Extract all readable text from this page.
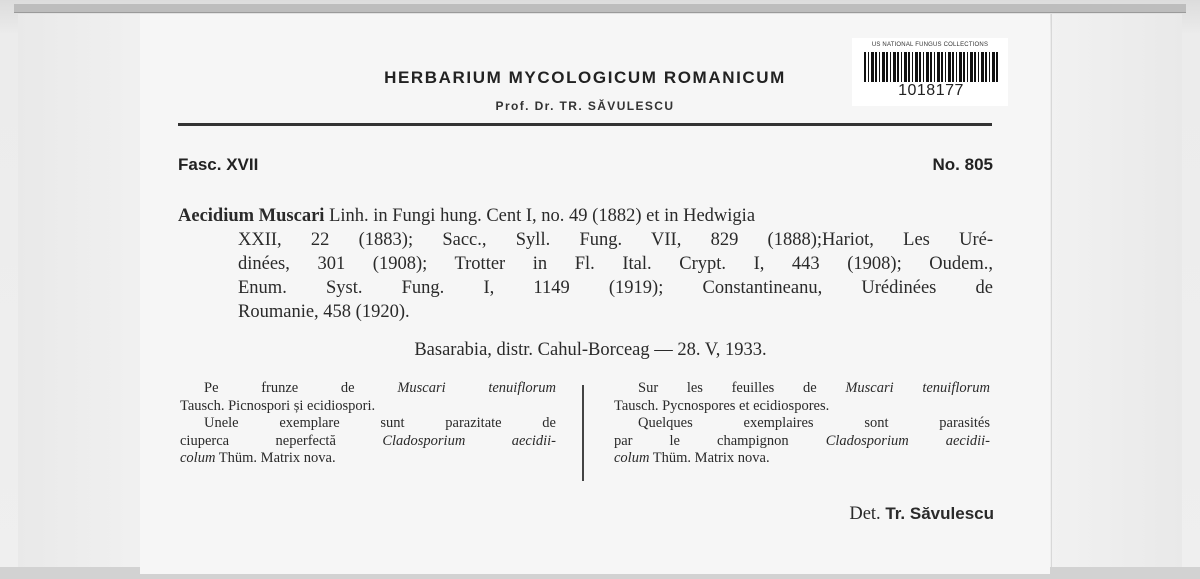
HERBARIUM MYCOLOGICUM ROMANICUM
Prof. Dr. TR. SĂVULESCU
US NATIONAL FUNGUS COLLECTIONS
1018177
Fasc. XVII	No. 805
Aecidium Muscari Linh. in Fungi hung. Cent I, no. 49 (1882) et in Hedwigia
XXII, 22 (1883); Sacc., Syll. Fung. VII, 829 (1888);Hariot, Les Uré-
dinées, 301 (1908); Trotter in Fl. Ital. Crypt. I, 443 (1908); Oudem.,
Enum. Syst. Fung. I, 1149 (1919); Constantineanu, Urédinées de
Roumanie, 458 (1920).
Basarabia, distr. Cahul-Borceag — 28. V, 1933.
Pe frunze de Muscari tenuiflorum
Tausch. Picnospori și ecidiospori.
Unele exemplare sunt parazitate de
ciuperca neperfectă Cladosporium aecidii-
colum Thüm. Matrix nova.
Sur les feuilles de Muscari tenuiflorum
Tausch. Pycnospores et ecidiospores.
Quelques exemplaires sont parasités
par le champignon Cladosporium aecidii-
colum Thüm. Matrix nova.
Det. Tr. Săvulescu
